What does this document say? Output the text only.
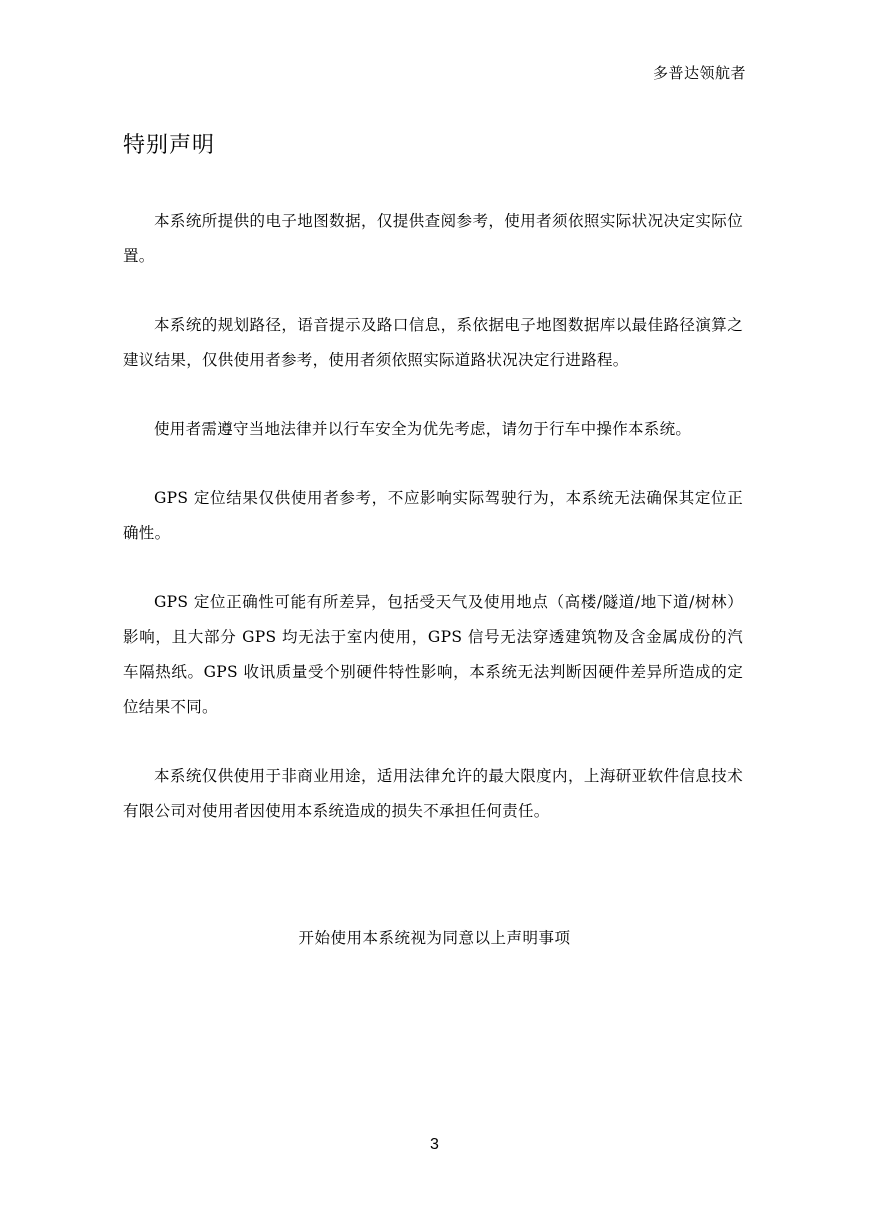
多普达领航者
特别声明

本系统所提供的电子地图数据，仅提供查阅参考，使用者须依照实际状况决定实际位置。

本系统的规划路径，语音提示及路口信息，系依据电子地图数据库以最佳路径演算之建议结果，仅供使用者参考，使用者须依照实际道路状况决定行进路程。

使用者需遵守当地法律并以行车安全为优先考虑，请勿于行车中操作本系统。

GPS 定位结果仅供使用者参考，不应影响实际驾驶行为，本系统无法确保其定位正确性。

GPS 定位正确性可能有所差异，包括受天气及使用地点（高楼/隧道/地下道/树林）影响，且大部分 GPS 均无法于室内使用，GPS 信号无法穿透建筑物及含金属成份的汽车隔热纸。GPS 收讯质量受个别硬件特性影响，本系统无法判断因硬件差异所造成的定位结果不同。

本系统仅供使用于非商业用途，适用法律允许的最大限度内，上海研亚软件信息技术有限公司对使用者因使用本系统造成的损失不承担任何责任。

开始使用本系统视为同意以上声明事项
3
